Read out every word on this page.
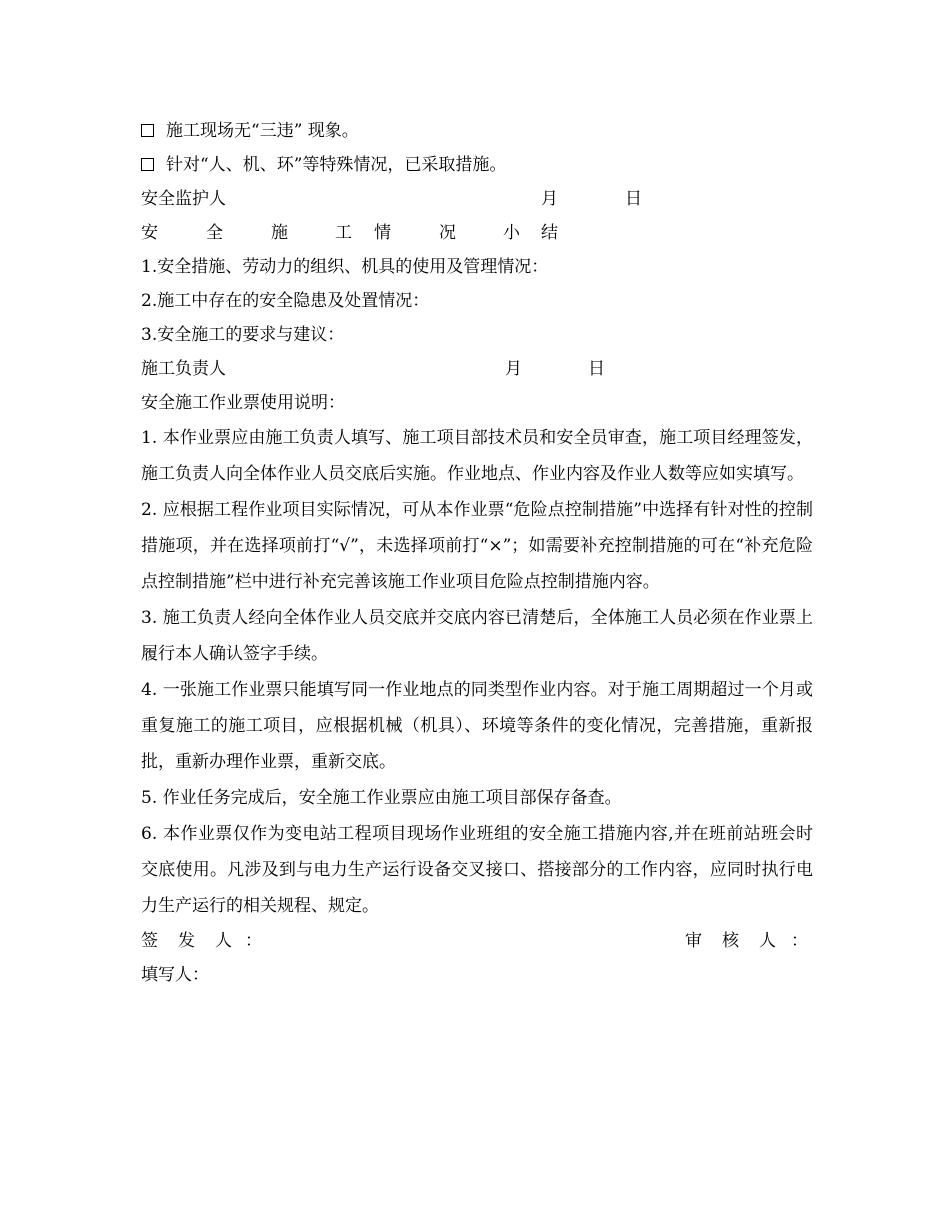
施工现场无“三违” 现象。
针对“人、机、环”等特殊情况，已采取措施。
安全监护人	月	日
安	全	施	工 情	况	小 结
1.安全措施、劳动力的组织、机具的使用及管理情况：
2.施工中存在的安全隐患及处置情况：
3.安全施工的要求与建议：
施工负责人	月	日
安全施工作业票使用说明：

1. 本作业票应由施工负责人填写、施工项目部技术员和安全员审查，施工项目经理签发，施工负责人向全体作业人员交底后实施。作业地点、作业内容及作业人数等应如实填写。

2. 应根据工程作业项目实际情况，可从本作业票“危险点控制措施”中选择有针对性的控制措施项，并在选择项前打“√”，未选择项前打“×”；如需要补充控制措施的可在“补充危险点控制措施”栏中进行补充完善该施工作业项目危险点控制措施内容。

3. 施工负责人经向全体作业人员交底并交底内容已清楚后，全体施工人员必须在作业票上履行本人确认签字手续。

4. 一张施工作业票只能填写同一作业地点的同类型作业内容。对于施工周期超过一个月或重复施工的施工项目，应根据机械（机具）、环境等条件的变化情况，完善措施，重新报批，重新办理作业票，重新交底。

5. 作业任务完成后，安全施工作业票应由施工项目部保存备查。

6. 本作业票仅作为变电站工程项目现场作业班组的安全施工措施内容,并在班前站班会时交底使用。凡涉及到与电力生产运行设备交叉接口、搭接部分的工作内容，应同时执行电力生产运行的相关规程、规定。

签 发 人 ：	审 核 人 ：
填写人：
